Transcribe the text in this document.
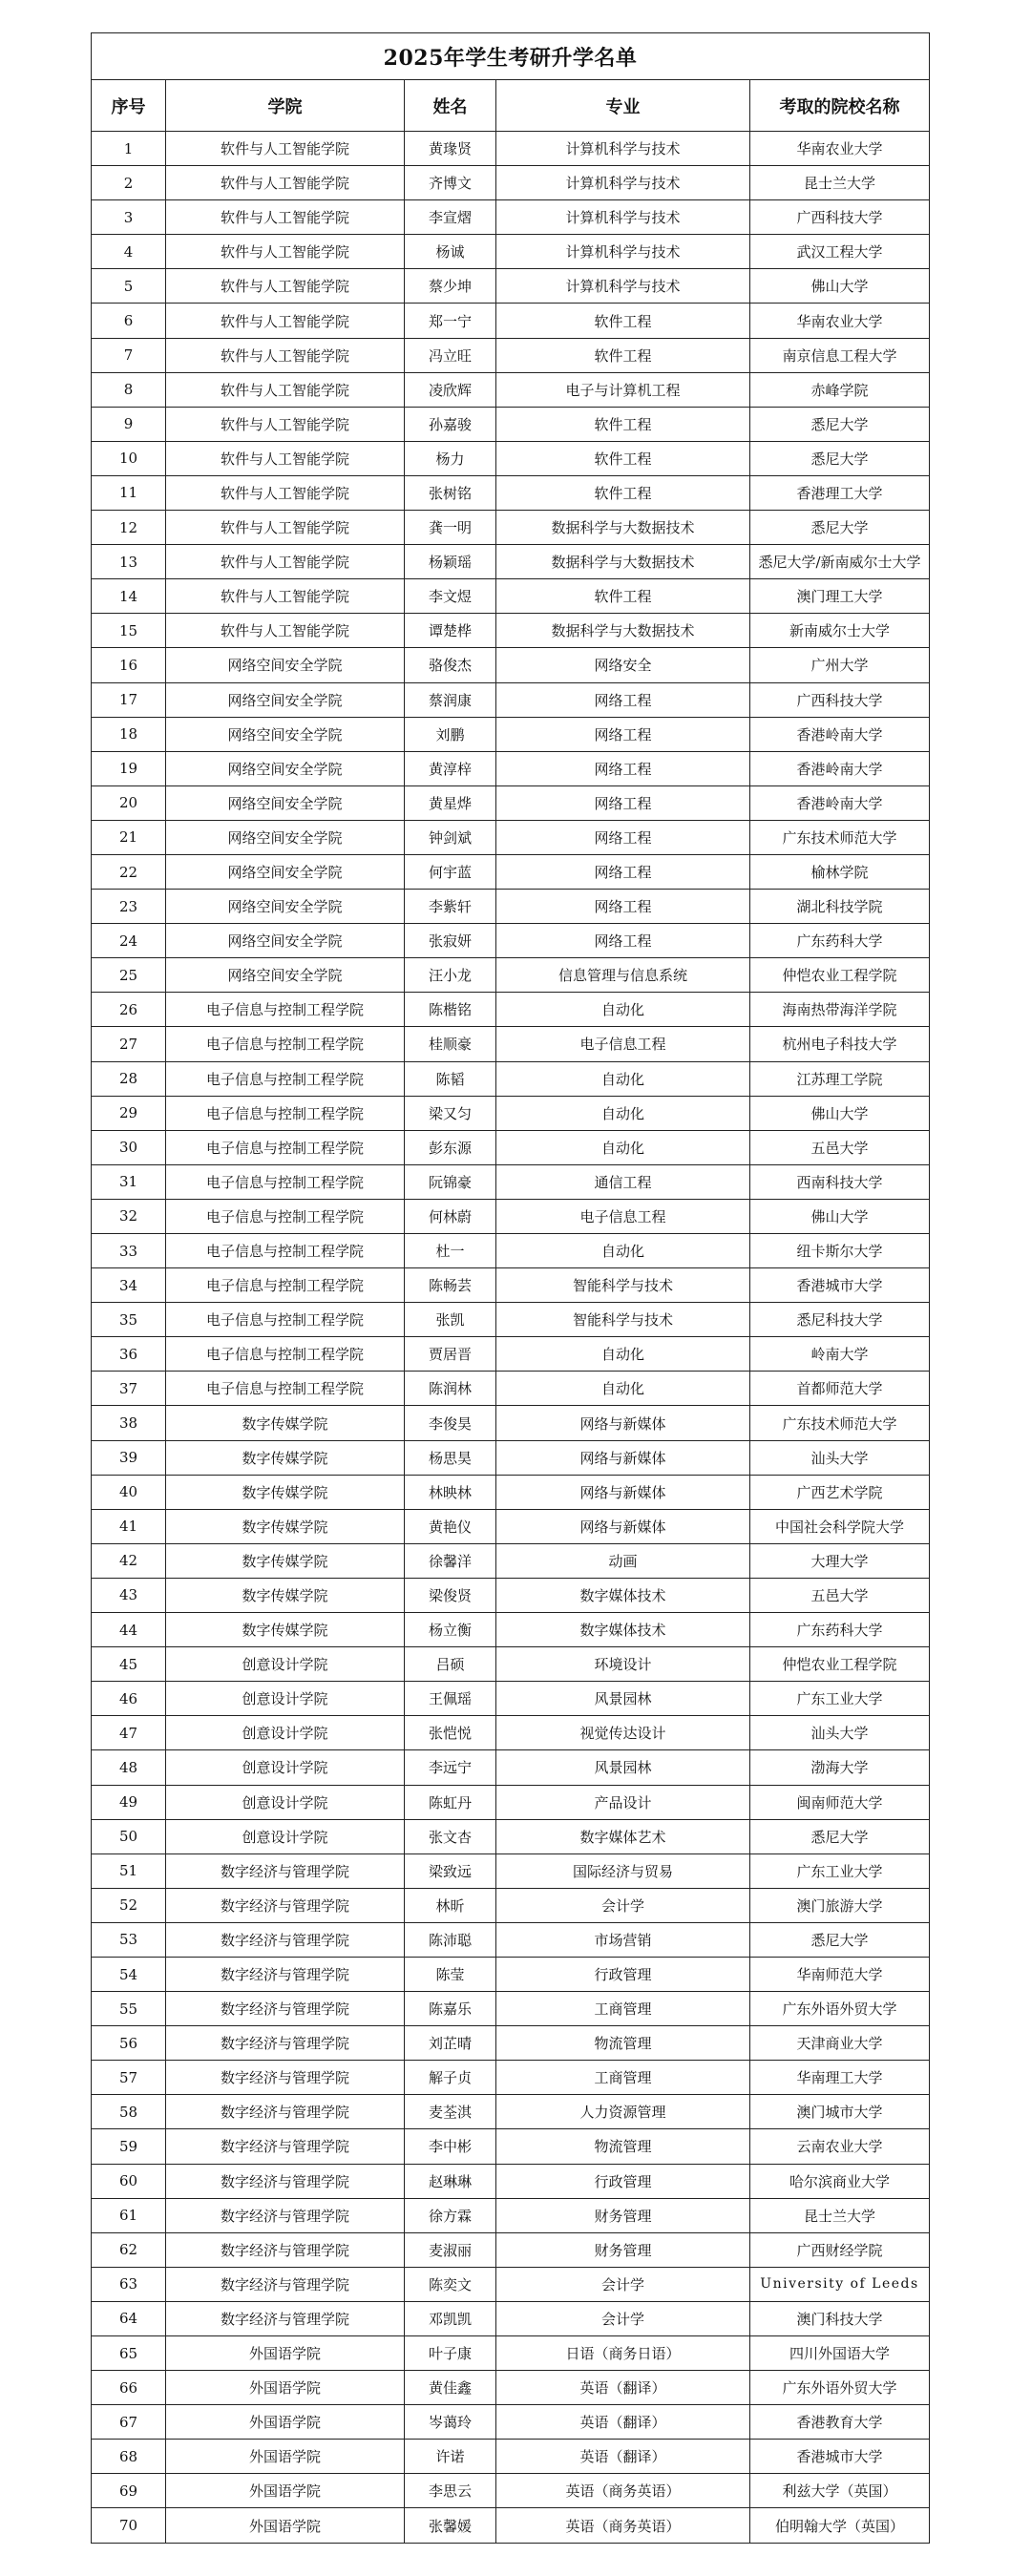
2025年学生考研升学名单				
序号	学院	姓名	专业	考取的院校名称
1	软件与人工智能学院	黄瑑贤	计算机科学与技术	华南农业大学
2	软件与人工智能学院	齐博文	计算机科学与技术	昆士兰大学
3	软件与人工智能学院	李宣熠	计算机科学与技术	广西科技大学
4	软件与人工智能学院	杨诚	计算机科学与技术	武汉工程大学
5	软件与人工智能学院	蔡少坤	计算机科学与技术	佛山大学
6	软件与人工智能学院	郑一宁	软件工程	华南农业大学
7	软件与人工智能学院	冯立旺	软件工程	南京信息工程大学
8	软件与人工智能学院	凌欣辉	电子与计算机工程	赤峰学院
9	软件与人工智能学院	孙嘉骏	软件工程	悉尼大学
10	软件与人工智能学院	杨力	软件工程	悉尼大学
11	软件与人工智能学院	张树铭	软件工程	香港理工大学
12	软件与人工智能学院	龚一明	数据科学与大数据技术	悉尼大学
13	软件与人工智能学院	杨颖瑶	数据科学与大数据技术	悉尼大学/新南威尔士大学
14	软件与人工智能学院	李文煜	软件工程	澳门理工大学
15	软件与人工智能学院	谭楚桦	数据科学与大数据技术	新南威尔士大学
16	网络空间安全学院	骆俊杰	网络安全	广州大学
17	网络空间安全学院	蔡润康	网络工程	广西科技大学
18	网络空间安全学院	刘鹏	网络工程	香港岭南大学
19	网络空间安全学院	黄淳梓	网络工程	香港岭南大学
20	网络空间安全学院	黄星烨	网络工程	香港岭南大学
21	网络空间安全学院	钟剑斌	网络工程	广东技术师范大学
22	网络空间安全学院	何宇蓝	网络工程	榆林学院
23	网络空间安全学院	李紫轩	网络工程	湖北科技学院
24	网络空间安全学院	张寂妍	网络工程	广东药科大学
25	网络空间安全学院	汪小龙	信息管理与信息系统	仲恺农业工程学院
26	电子信息与控制工程学院	陈楷铭	自动化	海南热带海洋学院
27	电子信息与控制工程学院	桂顺豪	电子信息工程	杭州电子科技大学
28	电子信息与控制工程学院	陈韬	自动化	江苏理工学院
29	电子信息与控制工程学院	梁又匀	自动化	佛山大学
30	电子信息与控制工程学院	彭东源	自动化	五邑大学
31	电子信息与控制工程学院	阮锦豪	通信工程	西南科技大学
32	电子信息与控制工程学院	何林蔚	电子信息工程	佛山大学
33	电子信息与控制工程学院	杜一	自动化	纽卡斯尔大学
34	电子信息与控制工程学院	陈畅芸	智能科学与技术	香港城市大学
35	电子信息与控制工程学院	张凯	智能科学与技术	悉尼科技大学
36	电子信息与控制工程学院	贾居晋	自动化	岭南大学
37	电子信息与控制工程学院	陈润林	自动化	首都师范大学
38	数字传媒学院	李俊昊	网络与新媒体	广东技术师范大学
39	数字传媒学院	杨思昊	网络与新媒体	汕头大学
40	数字传媒学院	林映林	网络与新媒体	广西艺术学院
41	数字传媒学院	黄艳仪	网络与新媒体	中国社会科学院大学
42	数字传媒学院	徐馨洋	动画	大理大学
43	数字传媒学院	梁俊贤	数字媒体技术	五邑大学
44	数字传媒学院	杨立衡	数字媒体技术	广东药科大学
45	创意设计学院	吕硕	环境设计	仲恺农业工程学院
46	创意设计学院	王佩瑶	风景园林	广东工业大学
47	创意设计学院	张恺悦	视觉传达设计	汕头大学
48	创意设计学院	李远宁	风景园林	渤海大学
49	创意设计学院	陈虹丹	产品设计	闽南师范大学
50	创意设计学院	张文杏	数字媒体艺术	悉尼大学
51	数字经济与管理学院	梁致远	国际经济与贸易	广东工业大学
52	数字经济与管理学院	林昕	会计学	澳门旅游大学
53	数字经济与管理学院	陈沛聪	市场营销	悉尼大学
54	数字经济与管理学院	陈莹	行政管理	华南师范大学
55	数字经济与管理学院	陈嘉乐	工商管理	广东外语外贸大学
56	数字经济与管理学院	刘芷晴	物流管理	天津商业大学
57	数字经济与管理学院	解子贞	工商管理	华南理工大学
58	数字经济与管理学院	麦荃淇	人力资源管理	澳门城市大学
59	数字经济与管理学院	李中彬	物流管理	云南农业大学
60	数字经济与管理学院	赵琳琳	行政管理	哈尔滨商业大学
61	数字经济与管理学院	徐方霖	财务管理	昆士兰大学
62	数字经济与管理学院	麦淑丽	财务管理	广西财经学院
63	数字经济与管理学院	陈奕文	会计学	University of Leeds
64	数字经济与管理学院	邓凯凯	会计学	澳门科技大学
65	外国语学院	叶子康	日语（商务日语）	四川外国语大学
66	外国语学院	黄佳鑫	英语（翻译）	广东外语外贸大学
67	外国语学院	岑蔼玲	英语（翻译）	香港教育大学
68	外国语学院	许诺	英语（翻译）	香港城市大学
69	外国语学院	李思云	英语（商务英语）	利兹大学（英国）
70	外国语学院	张馨媛	英语（商务英语）	伯明翰大学（英国）
